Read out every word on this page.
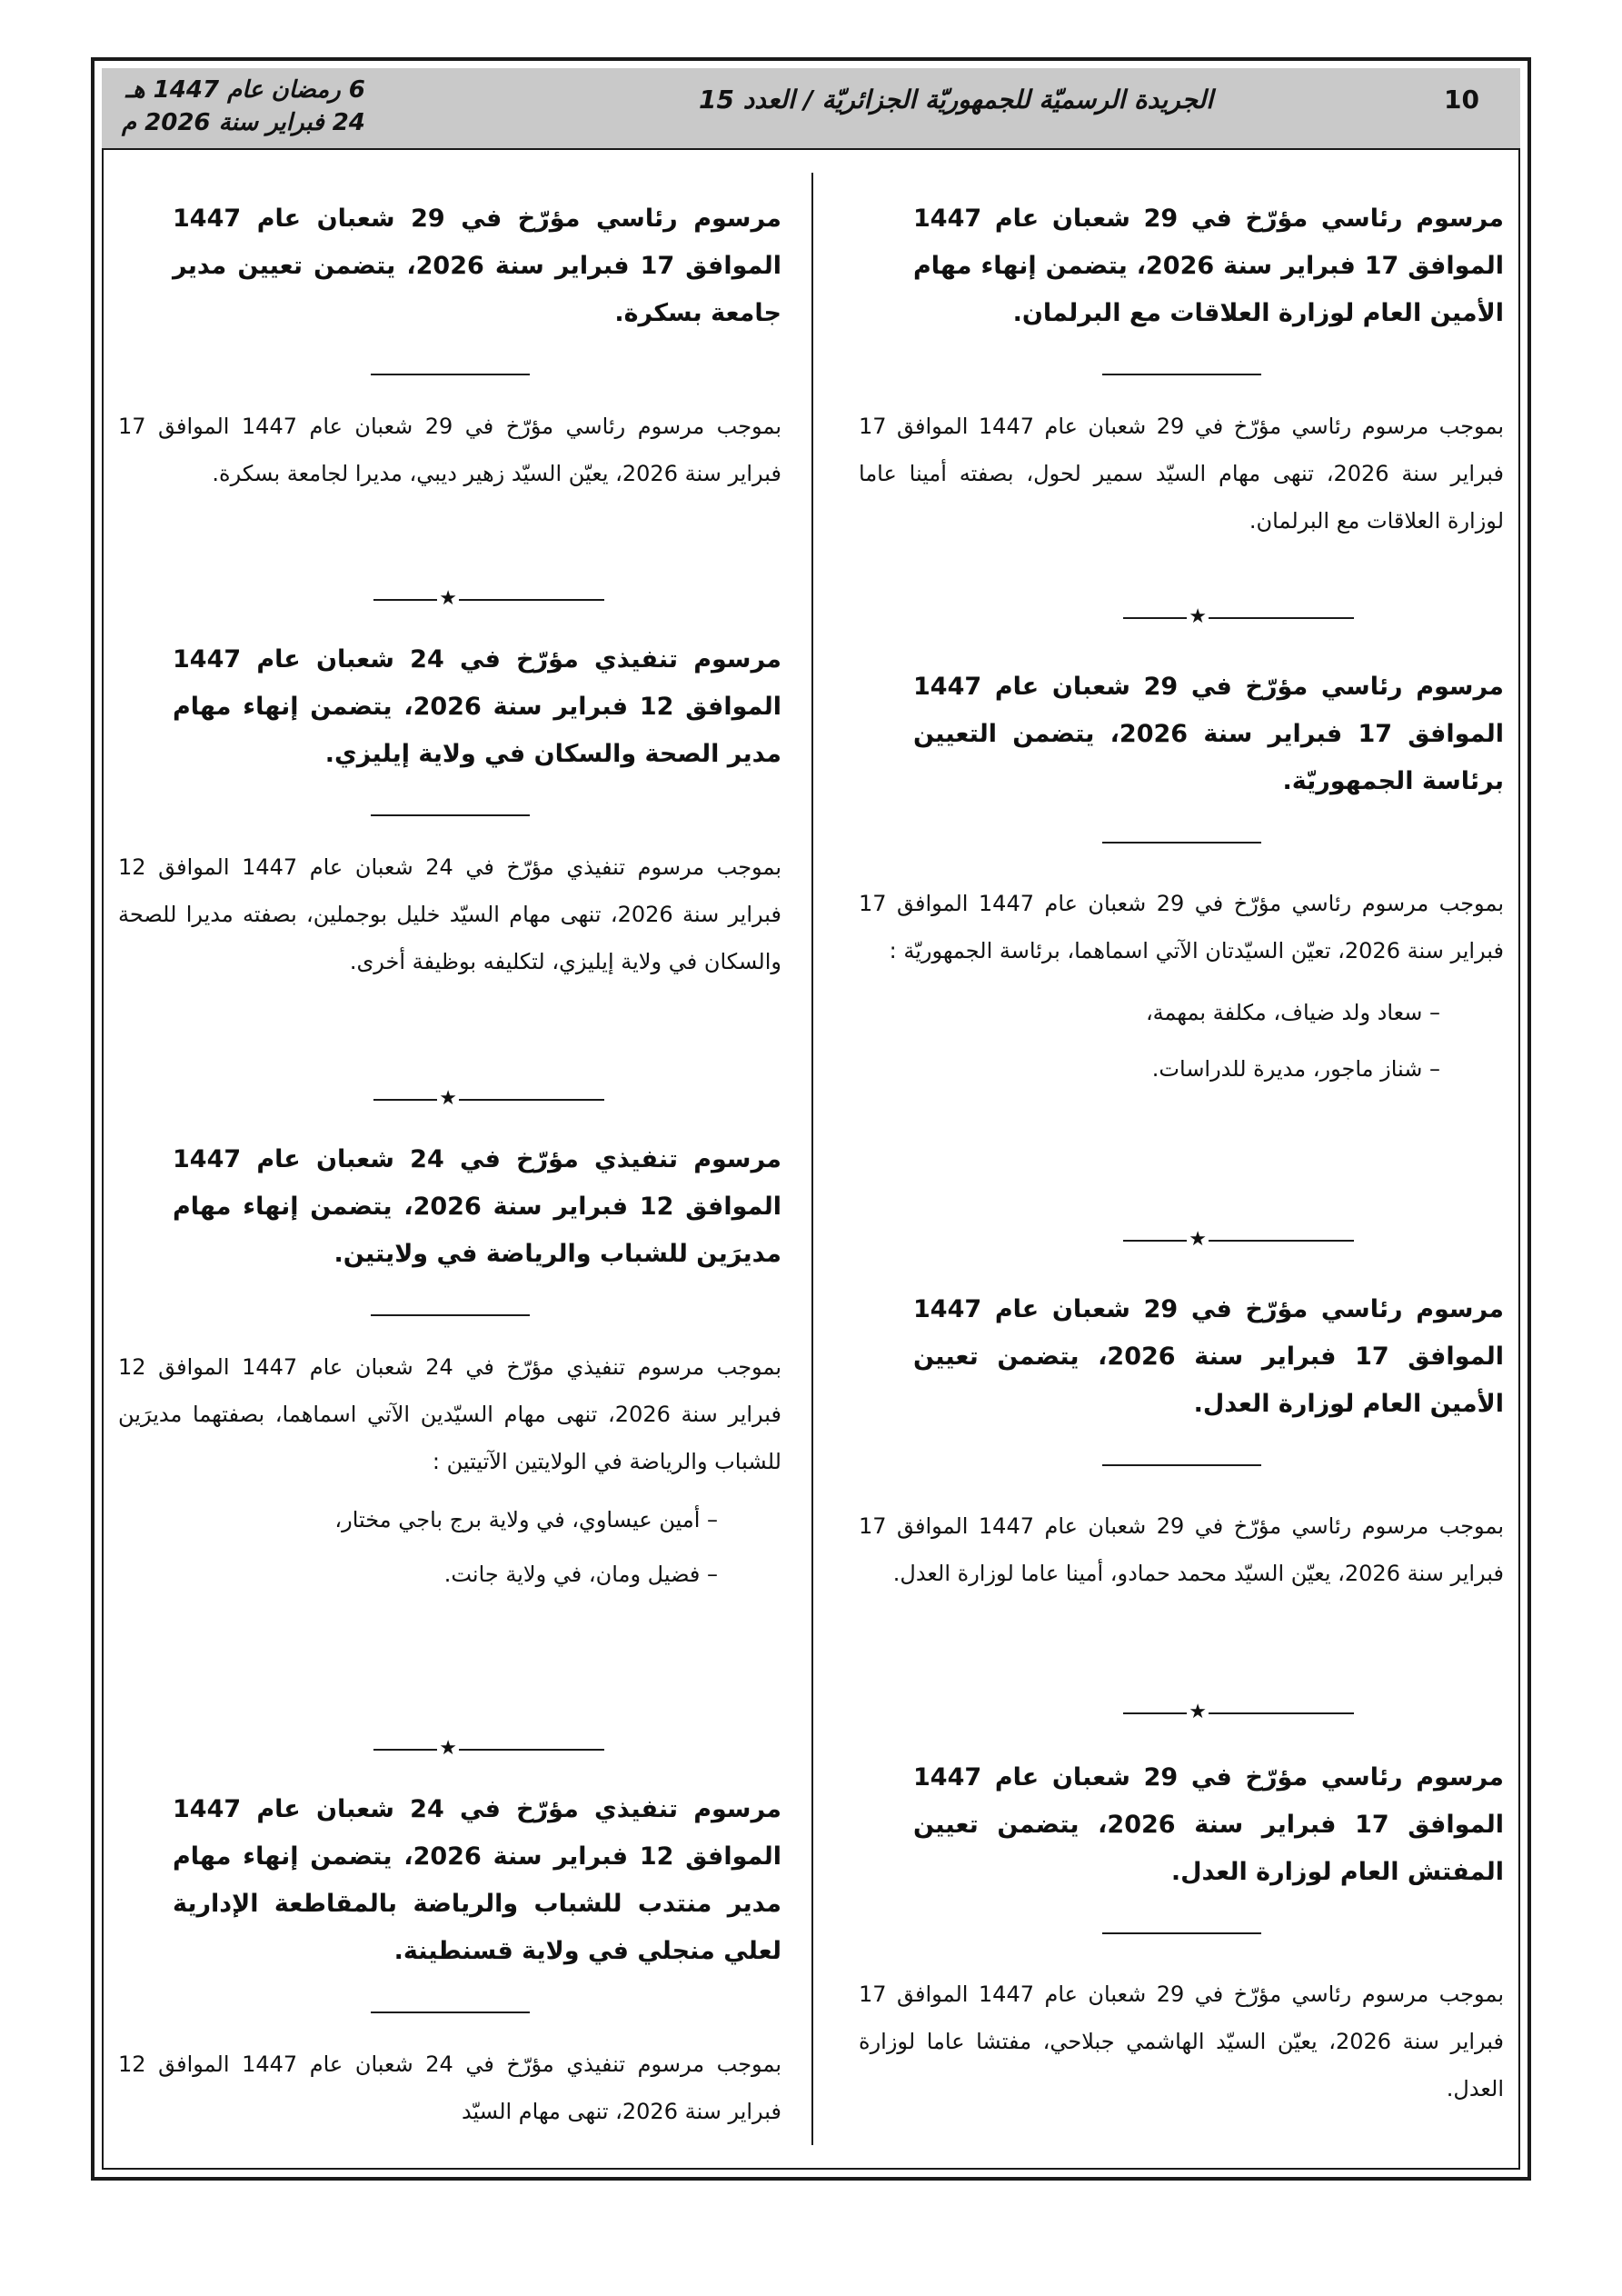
10
الجريدة الرسميّة للجمهوريّة الجزائريّة / العدد 15
6 رمضان عام 1447 هـ
24 فبراير سنة 2026 م

مرسوم رئاسي مؤرّخ في 29 شعبان عام 1447 الموافق 17 فبراير سنة 2026، يتضمن إنهاء مهام الأمين العام لوزارة العلاقات مع البرلمان.

بموجب مرسوم رئاسي مؤرّخ في 29 شعبان عام 1447 الموافق 17 فبراير سنة 2026، تنهى مهام السيّد سمير لحول، بصفته أمينا عاما لوزارة العلاقات مع البرلمان.

★

مرسوم رئاسي مؤرّخ في 29 شعبان عام 1447 الموافق 17 فبراير سنة 2026، يتضمن التعيين برئاسة الجمهوريّة.

بموجب مرسوم رئاسي مؤرّخ في 29 شعبان عام 1447 الموافق 17 فبراير سنة 2026، تعيّن السيّدتان الآتي اسماهما، برئاسة الجمهوريّة :

– سعاد ولد ضياف، مكلفة بمهمة،

– شناز ماجور، مديرة للدراسات.

★

مرسوم رئاسي مؤرّخ في 29 شعبان عام 1447 الموافق 17 فبراير سنة 2026، يتضمن تعيين الأمين العام لوزارة العدل.

بموجب مرسوم رئاسي مؤرّخ في 29 شعبان عام 1447 الموافق 17 فبراير سنة 2026، يعيّن السيّد محمد حمادو، أمينا عاما لوزارة العدل.

★

مرسوم رئاسي مؤرّخ في 29 شعبان عام 1447 الموافق 17 فبراير سنة 2026، يتضمن تعيين المفتش العام لوزارة العدل.

بموجب مرسوم رئاسي مؤرّخ في 29 شعبان عام 1447 الموافق 17 فبراير سنة 2026، يعيّن السيّد الهاشمي جبلاحي، مفتشا عاما لوزارة العدل.

مرسوم رئاسي مؤرّخ في 29 شعبان عام 1447 الموافق 17 فبراير سنة 2026، يتضمن تعيين مدير جامعة بسكرة.

بموجب مرسوم رئاسي مؤرّخ في 29 شعبان عام 1447 الموافق 17 فبراير سنة 2026، يعيّن السيّد زهير ديبي، مديرا لجامعة بسكرة.

★

مرسوم تنفيذي مؤرّخ في 24 شعبان عام 1447 الموافق 12 فبراير سنة 2026، يتضمن إنهاء مهام مدير الصحة والسكان في ولاية إيليزي.

بموجب مرسوم تنفيذي مؤرّخ في 24 شعبان عام 1447 الموافق 12 فبراير سنة 2026، تنهى مهام السيّد خليل بوجملين، بصفته مديرا للصحة والسكان في ولاية إيليزي، لتكليفه بوظيفة أخرى.

★

مرسوم تنفيذي مؤرّخ في 24 شعبان عام 1447 الموافق 12 فبراير سنة 2026، يتضمن إنهاء مهام مديرَين للشباب والرياضة في ولايتين.

بموجب مرسوم تنفيذي مؤرّخ في 24 شعبان عام 1447 الموافق 12 فبراير سنة 2026، تنهى مهام السيّدين الآتي اسماهما، بصفتهما مديرَين للشباب والرياضة في الولايتين الآتيتين :

– أمين عيساوي، في ولاية برج باجي مختار،

– فضيل ومان، في ولاية جانت.

★

مرسوم تنفيذي مؤرّخ في 24 شعبان عام 1447 الموافق 12 فبراير سنة 2026، يتضمن إنهاء مهام مدير منتدب للشباب والرياضة بالمقاطعة الإدارية لعلي منجلي في ولاية قسنطينة.

بموجب مرسوم تنفيذي مؤرّخ في 24 شعبان عام 1447 الموافق 12 فبراير سنة 2026، تنهى مهام السيّد
